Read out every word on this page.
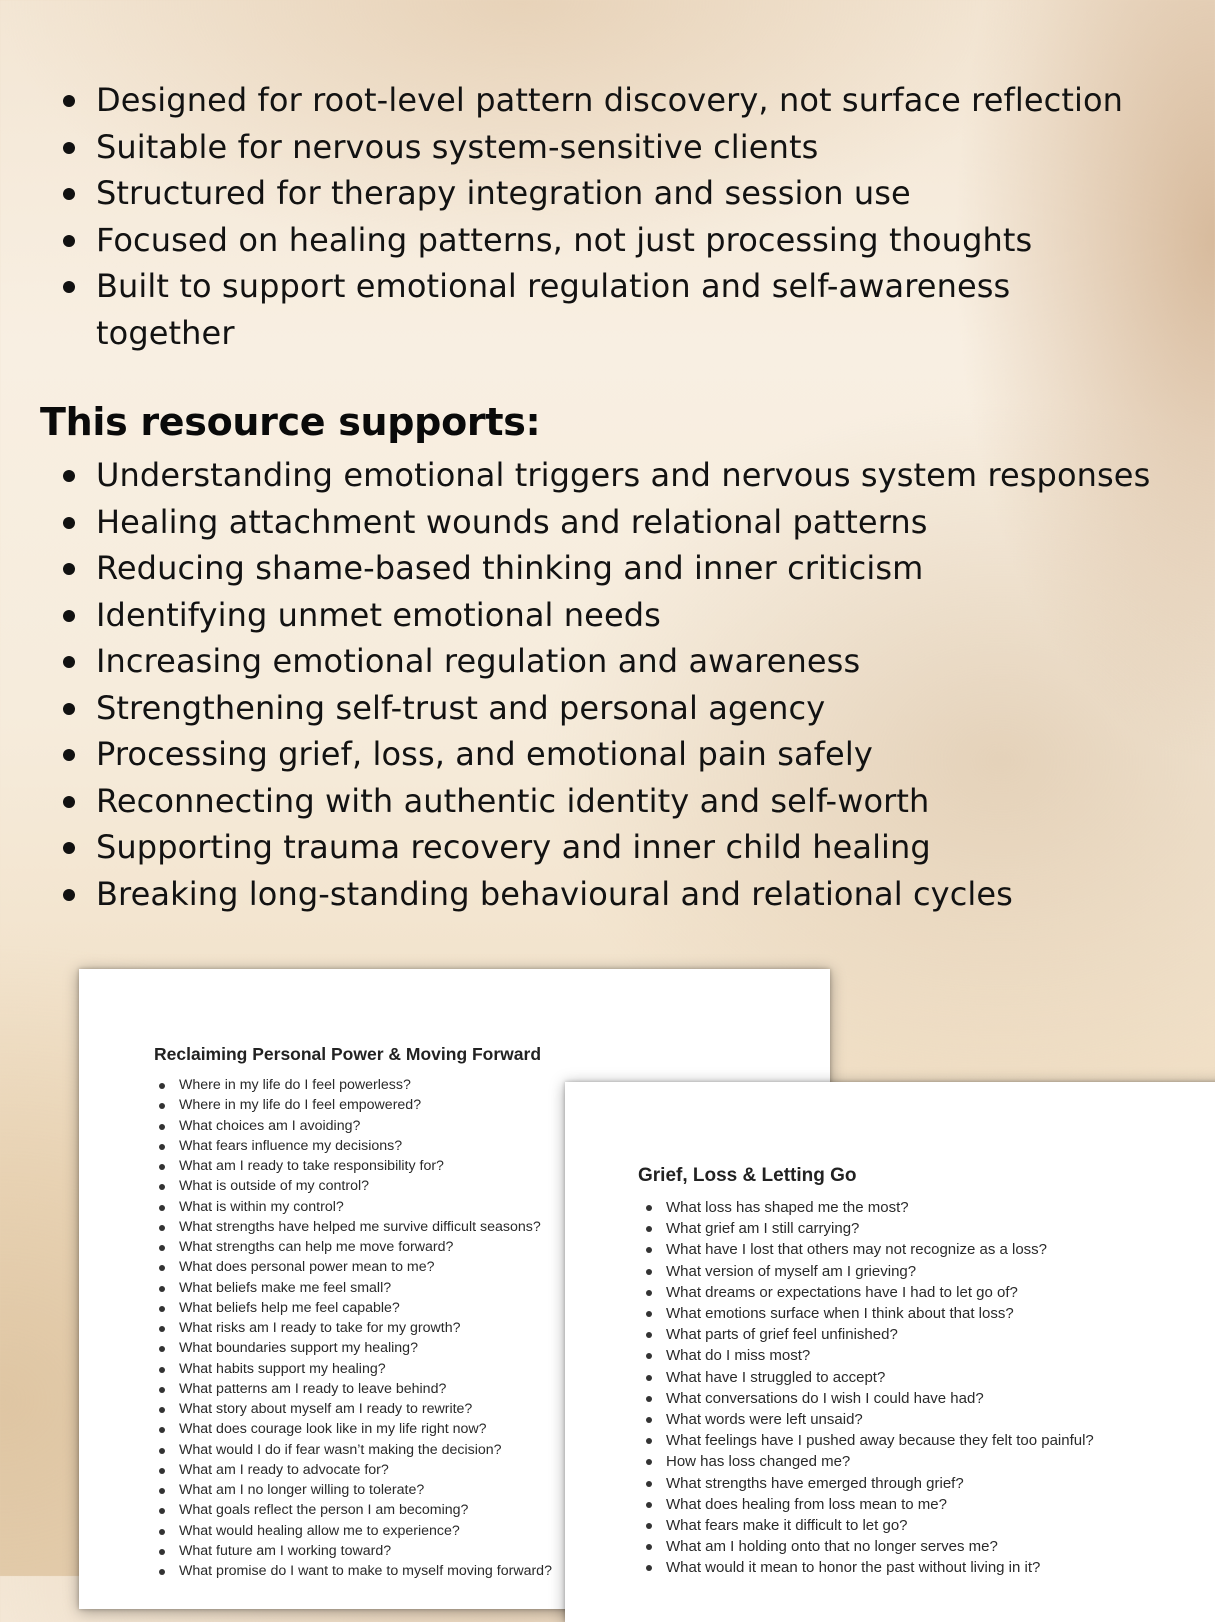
Designed for root-level pattern discovery, not surface reflection
Suitable for nervous system-sensitive clients
Structured for therapy integration and session use
Focused on healing patterns, not just processing thoughts
Built to support emotional regulation and self-awareness together
This resource supports:
Understanding emotional triggers and nervous system responses
Healing attachment wounds and relational patterns
Reducing shame-based thinking and inner criticism
Identifying unmet emotional needs
Increasing emotional regulation and awareness
Strengthening self-trust and personal agency
Processing grief, loss, and emotional pain safely
Reconnecting with authentic identity and self-worth
Supporting trauma recovery and inner child healing
Breaking long-standing behavioural and relational cycles
Reclaiming Personal Power & Moving Forward
Where in my life do I feel powerless?
Where in my life do I feel empowered?
What choices am I avoiding?
What fears influence my decisions?
What am I ready to take responsibility for?
What is outside of my control?
What is within my control?
What strengths have helped me survive difficult seasons?
What strengths can help me move forward?
What does personal power mean to me?
What beliefs make me feel small?
What beliefs help me feel capable?
What risks am I ready to take for my growth?
What boundaries support my healing?
What habits support my healing?
What patterns am I ready to leave behind?
What story about myself am I ready to rewrite?
What does courage look like in my life right now?
What would I do if fear wasn’t making the decision?
What am I ready to advocate for?
What am I no longer willing to tolerate?
What goals reflect the person I am becoming?
What would healing allow me to experience?
What future am I working toward?
What promise do I want to make to myself moving forward?
Grief, Loss & Letting Go
What loss has shaped me the most?
What grief am I still carrying?
What have I lost that others may not recognize as a loss?
What version of myself am I grieving?
What dreams or expectations have I had to let go of?
What emotions surface when I think about that loss?
What parts of grief feel unfinished?
What do I miss most?
What have I struggled to accept?
What conversations do I wish I could have had?
What words were left unsaid?
What feelings have I pushed away because they felt too painful?
How has loss changed me?
What strengths have emerged through grief?
What does healing from loss mean to me?
What fears make it difficult to let go?
What am I holding onto that no longer serves me?
What would it mean to honor the past without living in it?
